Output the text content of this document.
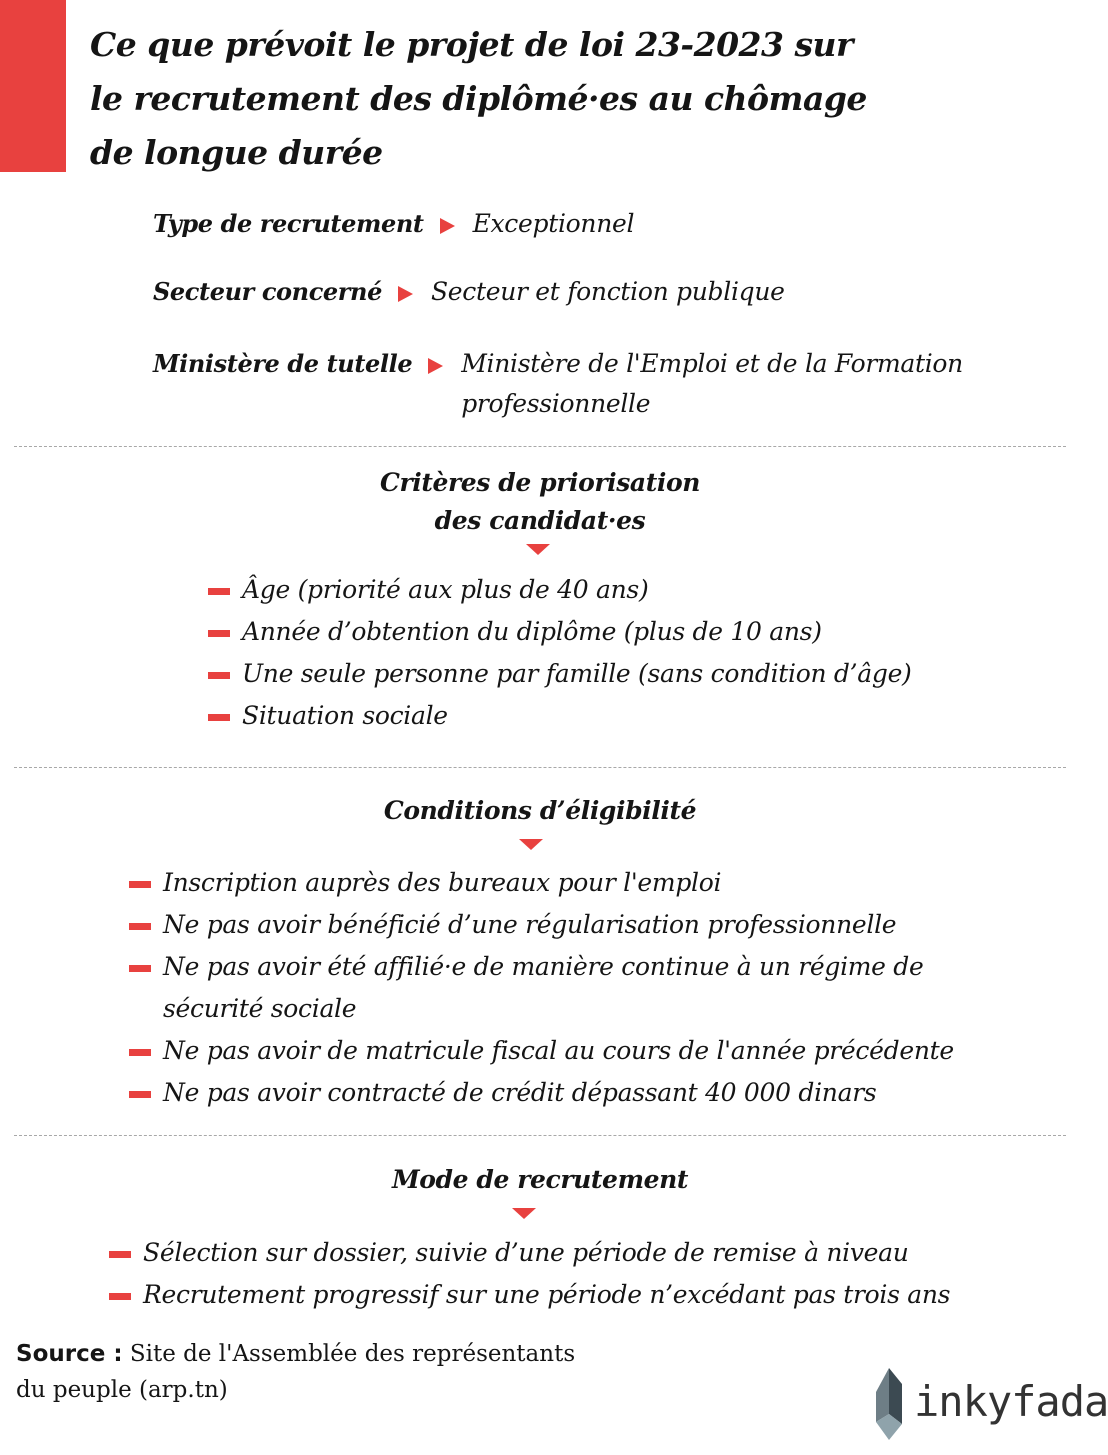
Ce que prévoit le projet de loi 23-2023 sur
le recrutement des diplômé·es au chômage
de longue durée
Type de recrutement Exceptionnel
Secteur concerné Secteur et fonction publique
Ministère de tutelle Ministère de l'Emploi et de la Formation
professionnelle
Critères de priorisation
des candidat·es
Âge (priorité aux plus de 40 ans)
Année d’obtention du diplôme (plus de 10 ans)
Une seule personne par famille (sans condition d’âge)
Situation sociale
Conditions d’éligibilité
Inscription auprès des bureaux pour l'emploi
Ne pas avoir bénéficié d’une régularisation professionnelle
Ne pas avoir été affilié·e de manière continue à un régime de
sécurité sociale
Ne pas avoir de matricule fiscal au cours de l'année précédente
Ne pas avoir contracté de crédit dépassant 40 000 dinars
Mode de recrutement
Sélection sur dossier, suivie d’une période de remise à niveau
Recrutement progressif sur une période n’excédant pas trois ans
Source : Site de l'Assemblée des représentants
du peuple (arp.tn)	inkyfada
